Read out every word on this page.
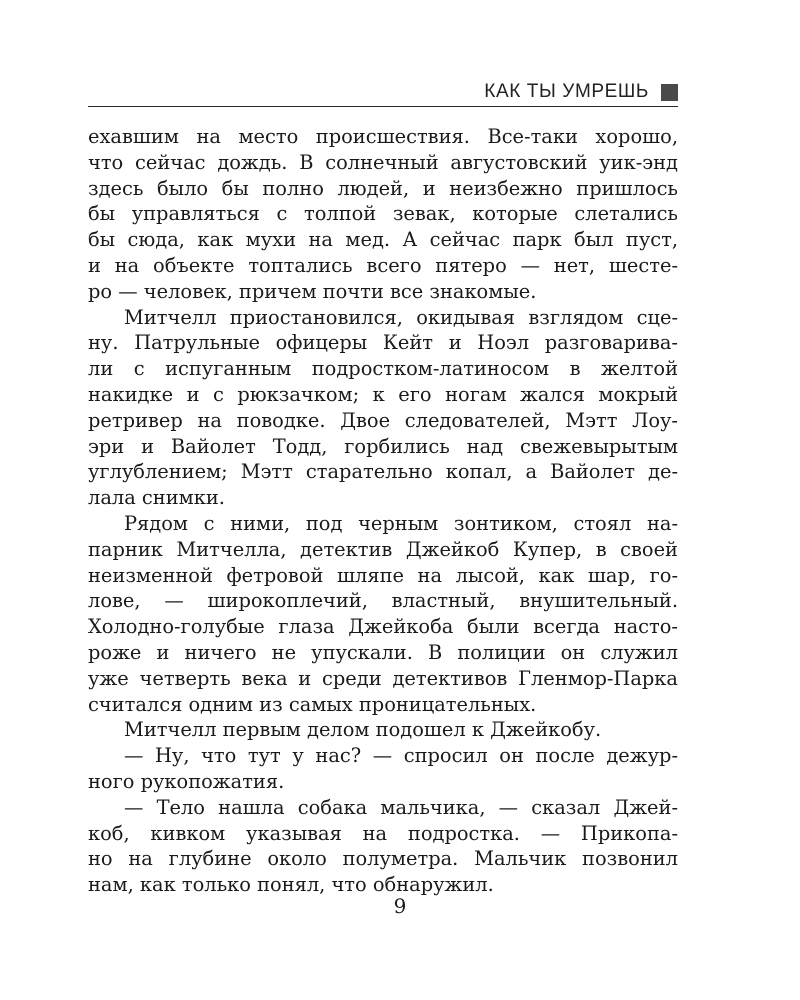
КАК ТЫ УМРЕШЬ
ехавшим на место происшествия. Все-таки хорошо,
что сейчас дождь. В солнечный августовский уик-энд
здесь было бы полно людей, и неизбежно пришлось
бы управляться с толпой зевак, которые слетались
бы сюда, как мухи на мед. А сейчас парк был пуст,
и на объекте топтались всего пятеро — нет, шесте-
ро — человек, причем почти все знакомые.
Митчелл приостановился, окидывая взглядом сце-
ну. Патрульные офицеры Кейт и Ноэл разговарива-
ли с испуганным подростком-латиносом в желтой
накидке и с рюкзачком; к его ногам жался мокрый
ретривер на поводке. Двое следователей, Мэтт Лоу-
эри и Вайолет Тодд, горбились над свежевырытым
углублением; Мэтт старательно копал, а Вайолет де-
лала снимки.
Рядом с ними, под черным зонтиком, стоял на-
парник Митчелла, детектив Джейкоб Купер, в своей
неизменной фетровой шляпе на лысой, как шар, го-
лове, — широкоплечий, властный, внушительный.
Холодно-голубые глаза Джейкоба были всегда насто-
роже и ничего не упускали. В полиции он служил
уже четверть века и среди детективов Гленмор-Парка
считался одним из самых проницательных.
Митчелл первым делом подошел к Джейкобу.
— Ну, что тут у нас? — спросил он после дежур-
ного рукопожатия.
— Тело нашла собака мальчика, — сказал Джей-
коб, кивком указывая на подростка. — Прикопа-
но на глубине около полуметра. Мальчик позвонил
нам, как только понял, что обнаружил.
9
